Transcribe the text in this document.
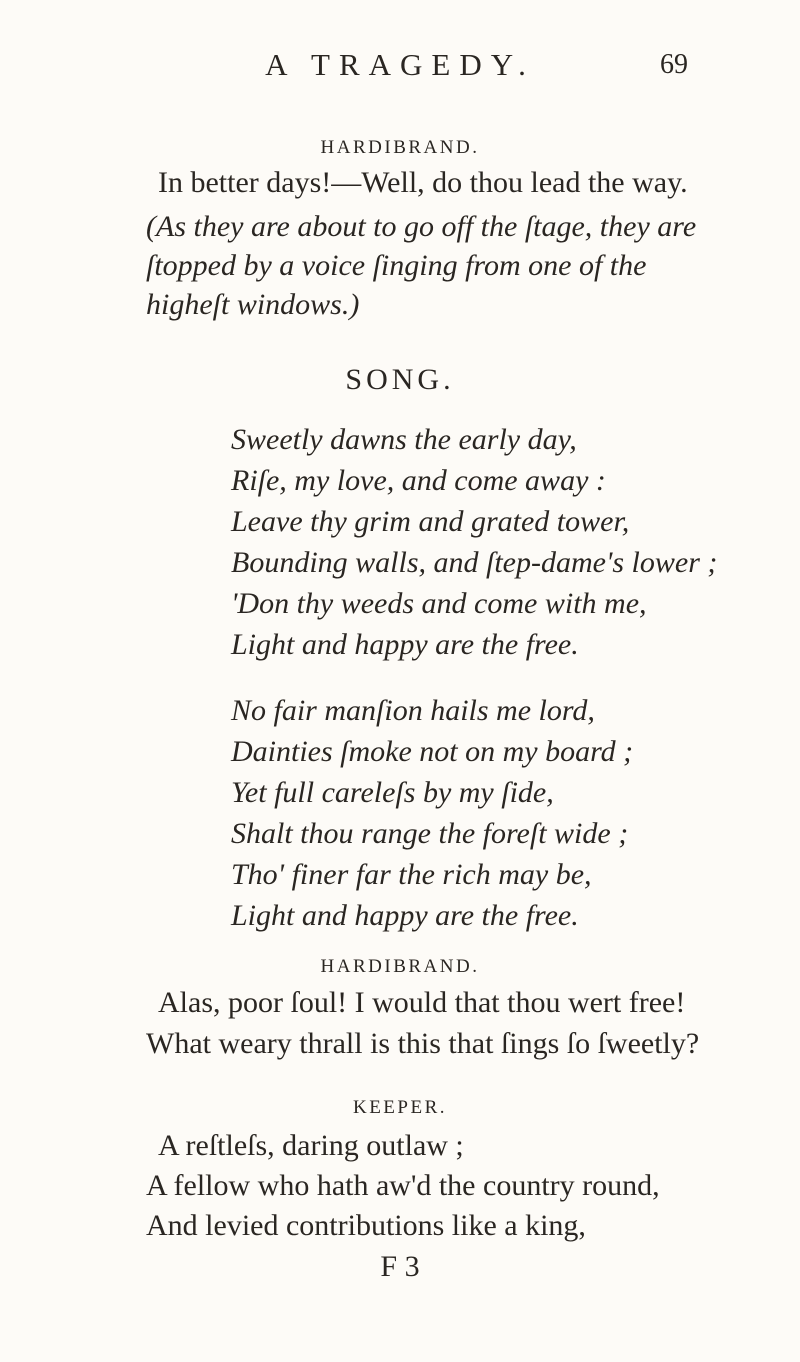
A TRAGEDY.	69
HARDIBRAND.
In better days!—Well, do thou lead the way.
(As they are about to go off the ſtage, they are
ſtopped by a voice ſinging from one of the
higheſt windows.)
SONG.
Sweetly dawns the early day,
Riſe, my love, and come away :
Leave thy grim and grated tower,
Bounding walls, and ſtep-dame's lower ;
'Don thy weeds and come with me,
Light and happy are the free.
No fair manſion hails me lord,
Dainties ſmoke not on my board ;
Yet full careleſs by my ſide,
Shalt thou range the foreſt wide ;
Tho' finer far the rich may be,
Light and happy are the free.
HARDIBRAND.
Alas, poor ſoul! I would that thou wert free!
What weary thrall is this that ſings ſo ſweetly?
KEEPER.
A reſtleſs, daring outlaw ;
A fellow who hath aw'd the country round,
And levied contributions like a king,
F 3
